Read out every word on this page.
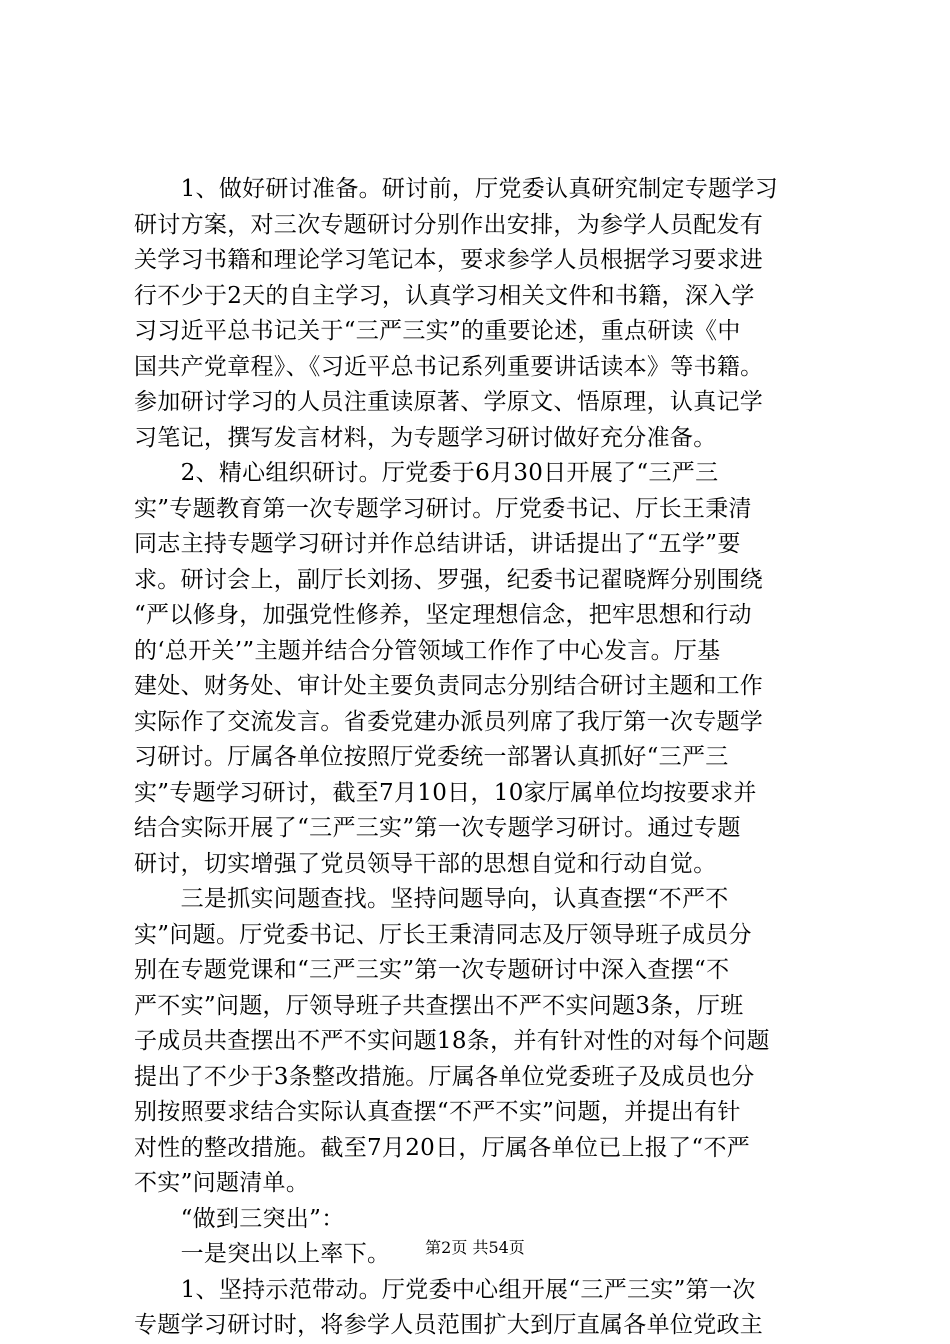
　　1、做好研讨准备。研讨前，厅党委认真研究制定专题学习
研讨方案，对三次专题研讨分别作出安排，为参学人员配发有
关学习书籍和理论学习笔记本，要求参学人员根据学习要求进
行不少于2天的自主学习，认真学习相关文件和书籍，深入学
习习近平总书记关于“三严三实”的重要论述，重点研读《中
国共产党章程》、《习近平总书记系列重要讲话读本》等书籍。
参加研讨学习的人员注重读原著、学原文、悟原理，认真记学
习笔记，撰写发言材料，为专题学习研讨做好充分准备。
　　2、精心组织研讨。厅党委于6月30日开展了“三严三
实”专题教育第一次专题学习研讨。厅党委书记、厅长王秉清
同志主持专题学习研讨并作总结讲话，讲话提出了“五学”要
求。研讨会上，副厅长刘扬、罗强，纪委书记翟晓辉分别围绕
“严以修身，加强党性修养，坚定理想信念，把牢思想和行动
的‘总开关’”主题并结合分管领域工作作了中心发言。厅基
建处、财务处、审计处主要负责同志分别结合研讨主题和工作
实际作了交流发言。省委党建办派员列席了我厅第一次专题学
习研讨。厅属各单位按照厅党委统一部署认真抓好“三严三
实”专题学习研讨，截至7月10日，10家厅属单位均按要求并
结合实际开展了“三严三实”第一次专题学习研讨。通过专题
研讨，切实增强了党员领导干部的思想自觉和行动自觉。
　　三是抓实问题查找。坚持问题导向，认真查摆“不严不
实”问题。厅党委书记、厅长王秉清同志及厅领导班子成员分
别在专题党课和“三严三实”第一次专题研讨中深入查摆“不
严不实”问题，厅领导班子共查摆出不严不实问题3条，厅班
子成员共查摆出不严不实问题18条，并有针对性的对每个问题
提出了不少于3条整改措施。厅属各单位党委班子及成员也分
别按照要求结合实际认真查摆“不严不实”问题，并提出有针
对性的整改措施。截至7月20日，厅属各单位已上报了“不严
不实”问题清单。
　　“做到三突出”：
　　一是突出以上率下。
　　1、坚持示范带动。厅党委中心组开展“三严三实”第一次
专题学习研讨时，将参学人员范围扩大到厅直属各单位党政主
第2页 共54页
